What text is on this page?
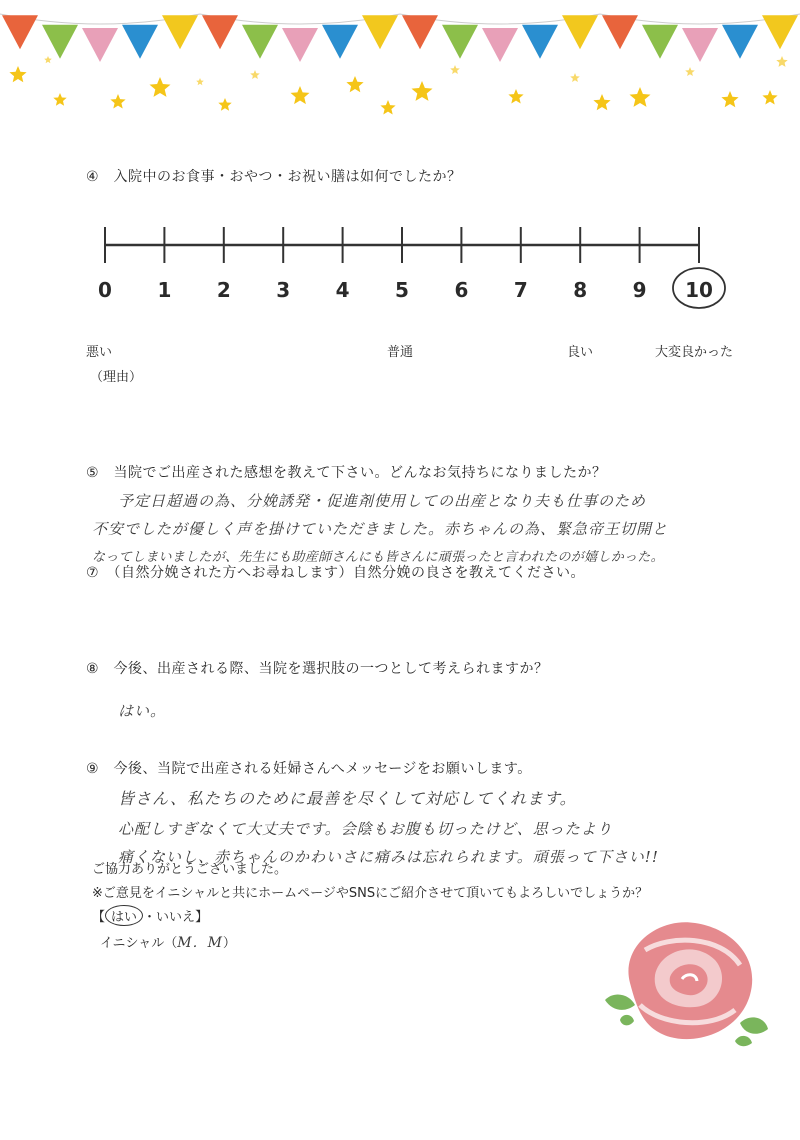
④　入院中のお食事・おやつ・お祝い膳は如何でしたか？
0 1 2 3 4 5 6 7 8 9 10
悪い	普通	良い	大変良かった
（理由）
⑤　当院でご出産された感想を教えて下さい。どんなお気持ちになりましたか？
予定日超過の為、分娩誘発・促進剤使用しての出産となり夫も仕事のため
不安でしたが優しく声を掛けていただきました。赤ちゃんの為、緊急帝王切開と
なってしまいましたが、先生にも助産師さんにも皆さんに頑張ったと言われたのが嬉しかった。
⑦　（自然分娩された方へお尋ねします）自然分娩の良さを教えてください。
⑧　今後、出産される際、当院を選択肢の一つとして考えられますか？
はい。
⑨　今後、当院で出産される妊婦さんへメッセージをお願いします。
皆さん、私たちのために最善を尽くして対応してくれます。
心配しすぎなくて大丈夫です。会陰もお腹も切ったけど、思ったより
痛くないし、赤ちゃんのかわいさに痛みは忘れられます。頑張って下さい!!
ご協力ありがとうございました。
※ご意見をイニシャルと共にホームページやSNSにご紹介させて頂いてもよろしいでしょうか？
【 はい ・いいえ】
イニシャル（M．M）
